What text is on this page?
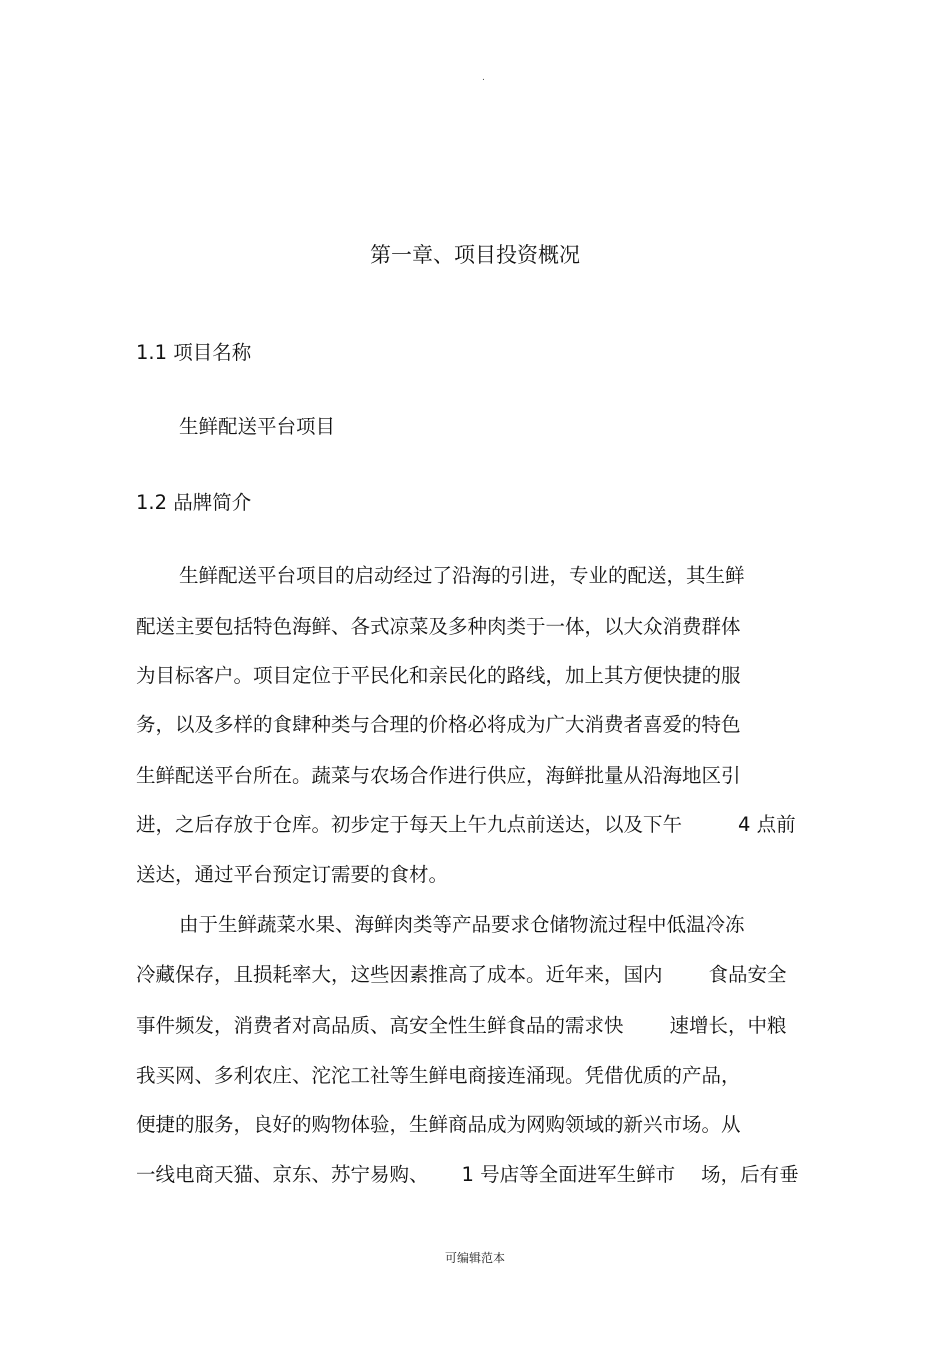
.
第一章、项目投资概况
1.1 项目名称
生鲜配送平台项目
1.2 品牌简介
生鲜配送平台项目的启动经过了沿海的引进，专业的配送，其生鲜
配送主要包括特色海鲜、各式凉菜及多种肉类于一体，以大众消费群体
为目标客户。项目定位于平民化和亲民化的路线，加上其方便快捷的服
务，以及多样的食肆种类与合理的价格必将成为广大消费者喜爱的特色
生鲜配送平台所在。蔬菜与农场合作进行供应，海鲜批量从沿海地区引
进，之后存放于仓库。初步定于每天上午九点前送达，以及下午	4 点前
送达，通过平台预定订需要的食材。
由于生鲜蔬菜水果、海鲜肉类等产品要求仓储物流过程中低温冷冻
冷藏保存，且损耗率大，这些因素推高了成本。近年来，国内 食品安全
事件频发，消费者对高品质、高安全性生鲜食品的需求快 速增长，中粮
我买网、多利农庄、沱沱工社等生鲜电商接连涌现。凭借优质的产品，
便捷的服务，良好的购物体验，生鲜商品成为网购领域的新兴市场。从
一线电商天猫、京东、苏宁易购、 1 号店等全面进军生鲜市 场，后有垂
可编辑范本
